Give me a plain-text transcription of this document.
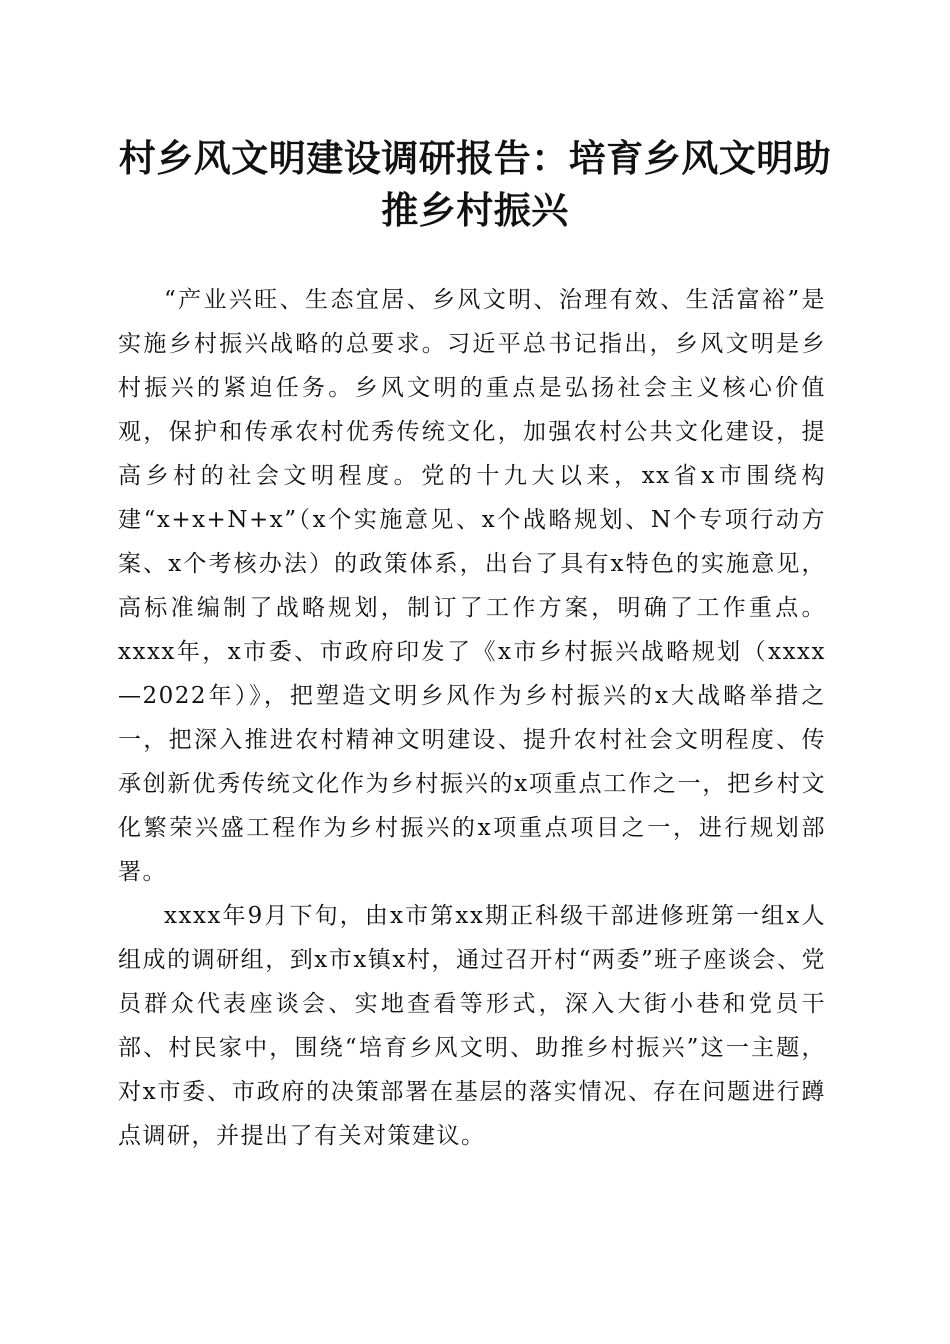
村乡风文明建设调研报告：培育乡风文明助推乡村振兴

“产业兴旺、生态宜居、乡风文明、治理有效、生活富裕”是实施乡村振兴战略的总要求。习近平总书记指出，乡风文明是乡村振兴的紧迫任务。乡风文明的重点是弘扬社会主义核心价值观，保护和传承农村优秀传统文化，加强农村公共文化建设，提高乡村的社会文明程度。党的十九大以来，xx省x市围绕构建“x+x+N+x”（x个实施意见、x个战略规划、N个专项行动方案、x个考核办法）的政策体系，出台了具有x特色的实施意见，高标准编制了战略规划，制订了工作方案，明确了工作重点。xxxx年，x市委、市政府印发了《x市乡村振兴战略规划（xxxx—2022年）》，把塑造文明乡风作为乡村振兴的x大战略举措之一，把深入推进农村精神文明建设、提升农村社会文明程度、传承创新优秀传统文化作为乡村振兴的x项重点工作之一，把乡村文化繁荣兴盛工程作为乡村振兴的x项重点项目之一，进行规划部署。

xxxx年9月下旬，由x市第xx期正科级干部进修班第一组x人组成的调研组，到x市x镇x村，通过召开村“两委”班子座谈会、党员群众代表座谈会、实地查看等形式，深入大街小巷和党员干部、村民家中，围绕“培育乡风文明、助推乡村振兴”这一主题，对x市委、市政府的决策部署在基层的落实情况、存在问题进行蹲点调研，并提出了有关对策建议。
